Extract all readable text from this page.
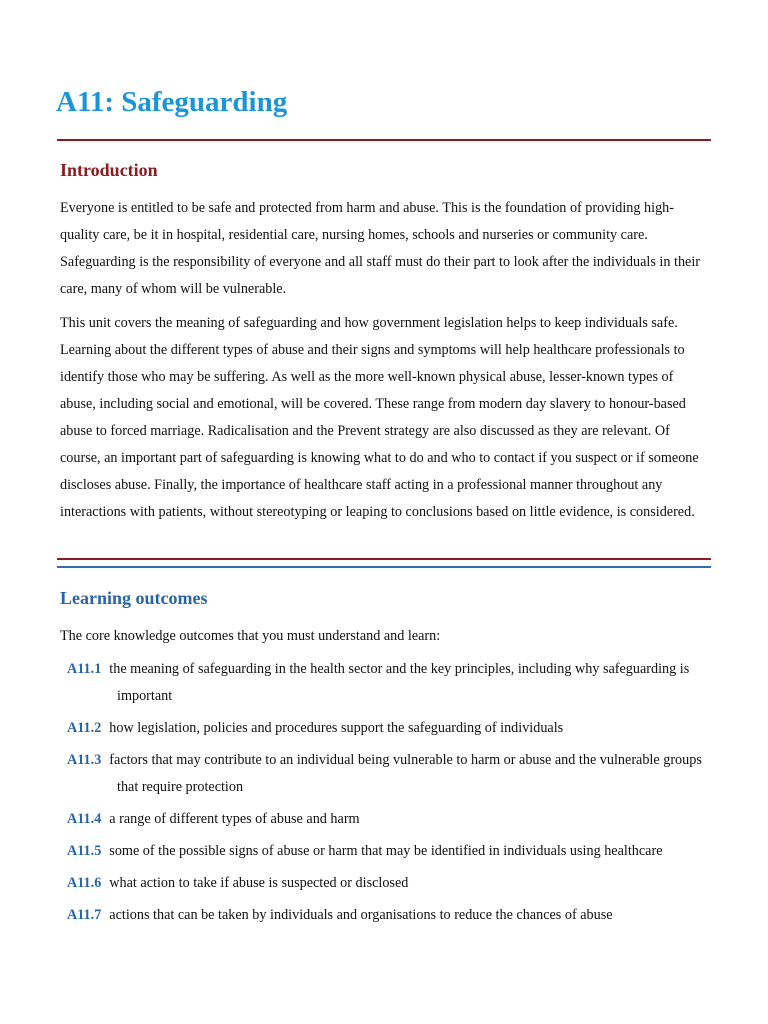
A11: Safeguarding
Introduction

Everyone is entitled to be safe and protected from harm and abuse. This is the foundation of providing high-quality care, be it in hospital, residential care, nursing homes, schools and nurseries or community care. Safeguarding is the responsibility of everyone and all staff must do their part to look after the individuals in their care, many of whom will be vulnerable.

This unit covers the meaning of safeguarding and how government legislation helps to keep individuals safe. Learning about the different types of abuse and their signs and symptoms will help healthcare professionals to identify those who may be suffering. As well as the more well-known physical abuse, lesser-known types of abuse, including social and emotional, will be covered. These range from modern day slavery to honour-based abuse to forced marriage. Radicalisation and the Prevent strategy are also discussed as they are relevant. Of course, an important part of safeguarding is knowing what to do and who to contact if you suspect or if someone discloses abuse. Finally, the importance of healthcare staff acting in a professional manner throughout any interactions with patients, without stereotyping or leaping to conclusions based on little evidence, is considered.

Learning outcomes

The core knowledge outcomes that you must understand and learn:

A11.1 the meaning of safeguarding in the health sector and the key principles, including why safeguarding is important
A11.2 how legislation, policies and procedures support the safeguarding of individuals
A11.3 factors that may contribute to an individual being vulnerable to harm or abuse and the vulnerable groups that require protection
A11.4 a range of different types of abuse and harm
A11.5 some of the possible signs of abuse or harm that may be identified in individuals using healthcare
A11.6 what action to take if abuse is suspected or disclosed
A11.7 actions that can be taken by individuals and organisations to reduce the chances of abuse
